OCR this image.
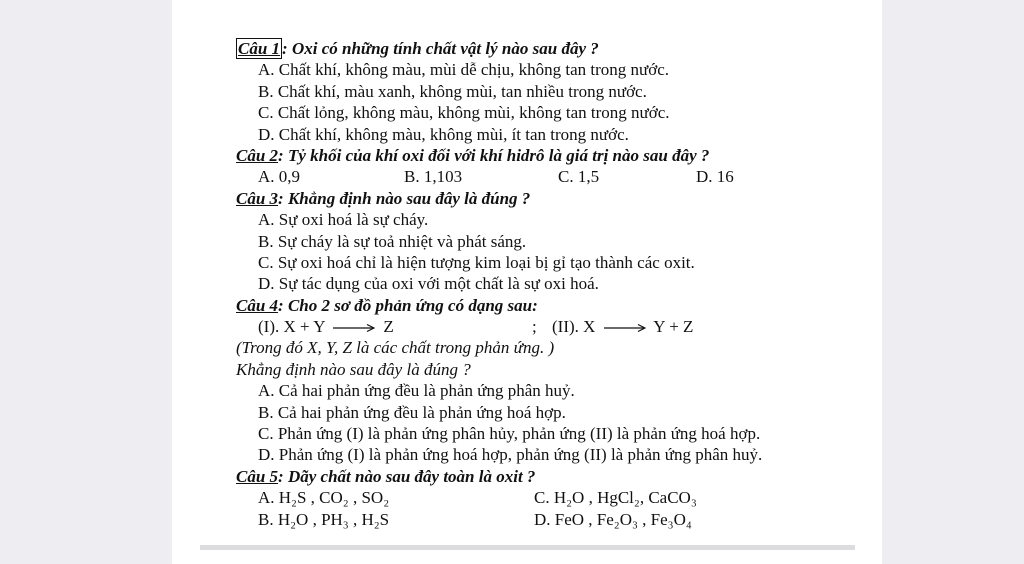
Câu 1 : Oxi có những tính chất vật lý nào sau đây ?
A. Chất khí, không màu, mùi dễ chịu, không tan trong nước.
B. Chất khí, màu xanh, không mùi, tan nhiều trong nước.
C. Chất lỏng, không màu, không mùi, không tan trong nước.
D. Chất khí, không màu, không mùi, ít tan trong nước.
Câu 2: Tỷ khối của khí oxi đối với khí hidrô là giá trị nào sau đây ?
A. 0,9	B. 1,103	C. 1,5	D. 16
Câu 3: Khẳng định nào sau đây là đúng ?
A. Sự oxi hoá là sự cháy.
B. Sự cháy là sự toả nhiệt và phát sáng.
C. Sự oxi hoá chỉ là hiện tượng kim loại bị gỉ tạo thành các oxit.
D. Sự tác dụng của oxi với một chất là sự oxi hoá.
Câu 4: Cho 2 sơ đồ phản ứng có dạng sau:
(I). X + Y → Z	; (II). X → Y + Z
(Trong đó X, Y, Z là các chất trong phản ứng. )
Khẳng định nào sau đây là đúng ?
A. Cả hai phản ứng đều là phản ứng phân huỷ.
B. Cả hai phản ứng đều là phản ứng hoá hợp.
C. Phản ứng (I) là phản ứng phân hủy, phản ứng (II) là phản ứng hoá hợp.
D. Phản ứng (I) là phản ứng hoá hợp, phản ứng (II) là phản ứng phân huỷ.
Câu 5: Dãy chất nào sau đây toàn là oxit ?
A. H₂S , CO₂ , SO₂	C. H₂O , HgCl₂, CaCO₃
B. H₂O , PH₃ , H₂S	D. FeO , Fe₂O₃ , Fe₃O₄
